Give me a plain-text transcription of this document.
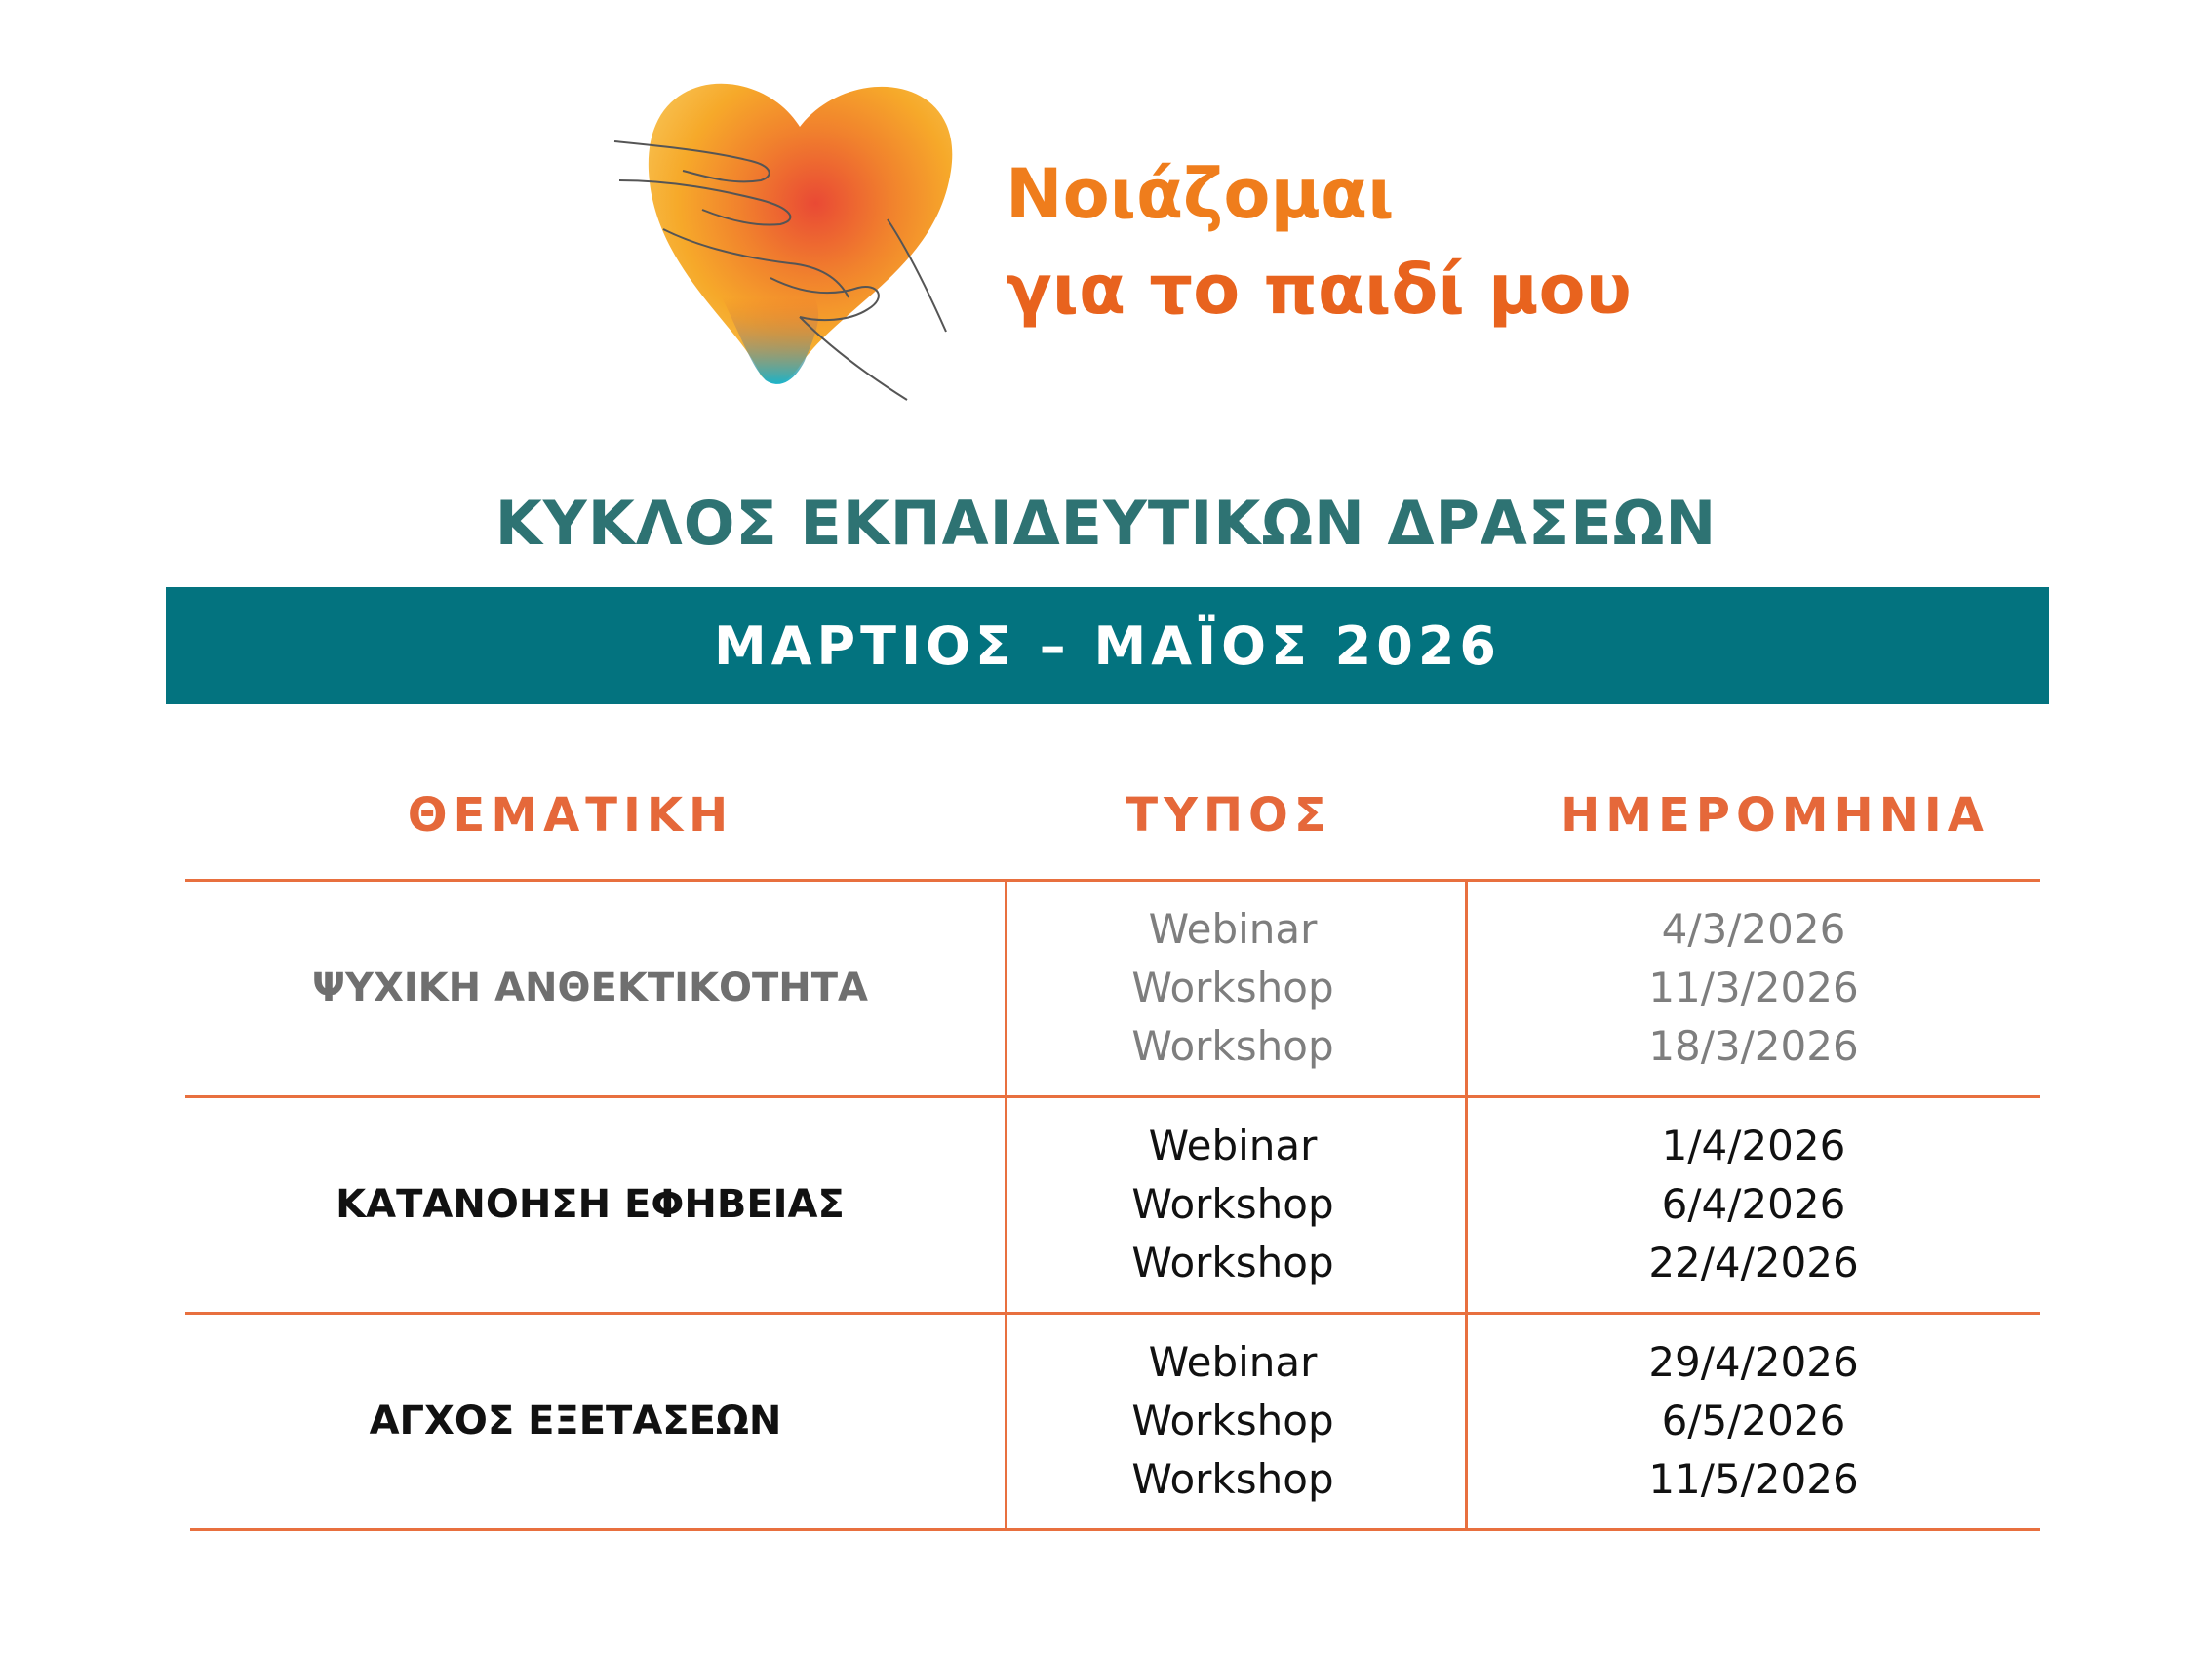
Νοιάζομαι
για το παιδί μου
ΚΥΚΛΟΣ ΕΚΠΑΙΔΕΥΤΙΚΩΝ ΔΡΑΣΕΩΝ
ΜΑΡΤΙΟΣ – ΜΑΪΟΣ 2026
ΘΕΜΑΤΙΚΗ	ΤΥΠΟΣ	ΗΜΕΡΟΜΗΝΙΑ
ΨΥΧΙΚΗ ΑΝΘΕΚΤΙΚΟΤΗΤΑ
Webinar
Workshop
Workshop
4/3/2026
11/3/2026
18/3/2026
ΚΑΤΑΝΟΗΣΗ ΕΦΗΒΕΙΑΣ
Webinar
Workshop
Workshop
1/4/2026
6/4/2026
22/4/2026
ΑΓΧΟΣ ΕΞΕΤΑΣΕΩΝ
Webinar
Workshop
Workshop
29/4/2026
6/5/2026
11/5/2026
